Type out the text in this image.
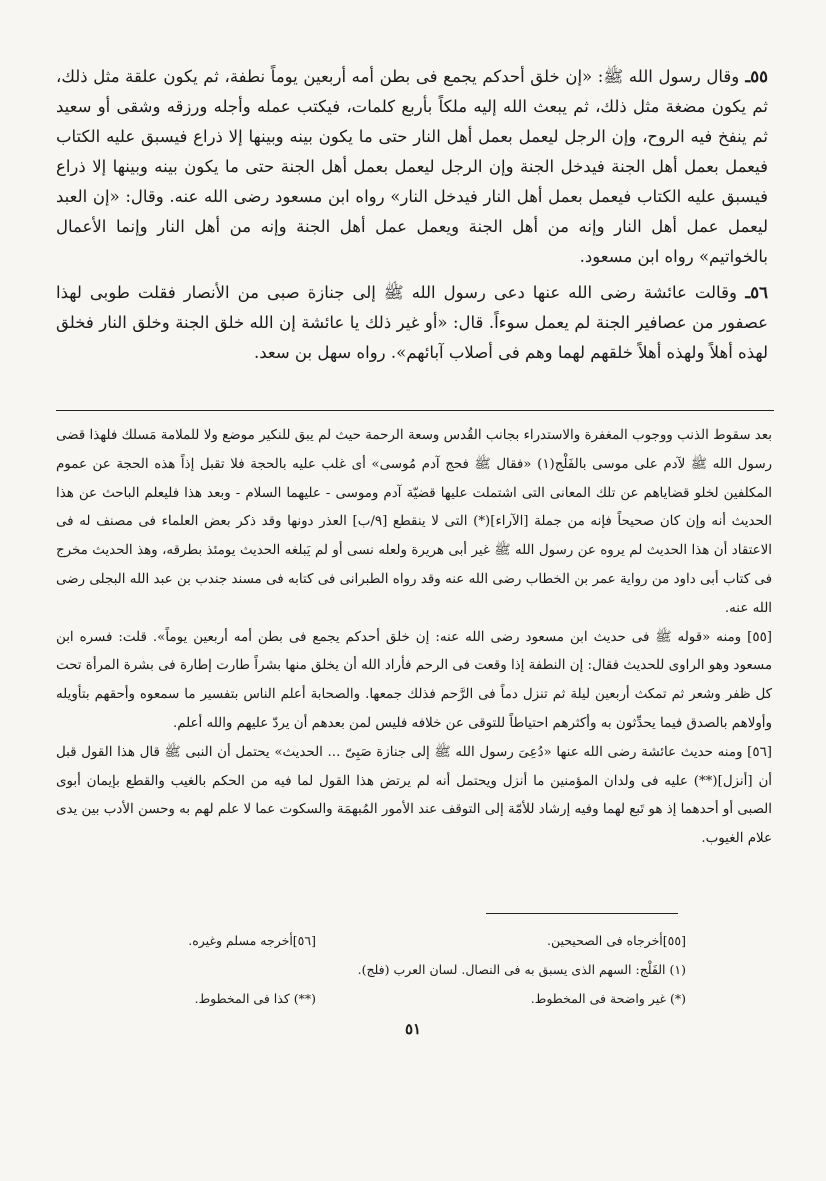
٥٥ـ وقال رسول الله ﷺ: «إن خلق أحدكم يجمع فى بطن أمه أربعين يوماً نطفة، ثم يكون علقة مثل ذلك، ثم يكون مضغة مثل ذلك، ثم يبعث الله إليه ملكاً بأربع كلمات، فيكتب عمله وأجله ورزقه وشقى أو سعيد ثم ينفخ فيه الروح، وإن الرجل ليعمل بعمل أهل النار حتى ما يكون بينه وبينها إلا ذراع فيسبق عليه الكتاب فيعمل بعمل أهل الجنة فيدخل الجنة وإن الرجل ليعمل بعمل أهل الجنة حتى ما يكون بينه وبينها إلا ذراع فيسبق عليه الكتاب فيعمل بعمل أهل النار فيدخل النار» رواه ابن مسعود رضى الله عنه. وقال: «إن العبد ليعمل عمل أهل النار وإنه من أهل الجنة ويعمل عمل أهل الجنة وإنه من أهل النار وإنما الأعمال بالخواتيم» رواه ابن مسعود.

٥٦ـ وقالت عائشة رضى الله عنها دعى رسول الله ﷺ إلى جنازة صبى من الأنصار فقلت طوبى لهذا عصفور من عصافير الجنة لم يعمل سوءاً. قال: «أو غير ذلك يا عائشة إن الله خلق الجنة وخلق النار فخلق لهذه أهلاً ولهذه أهلاً خلقهم لهما وهم فى أصلاب آبائهم». رواه سهل بن سعد.

بعد سقوط الذنب ووجوب المغفرة والاستدراء بجانب القُدس وسعة الرحمة حيث لم يبق للنكير موضع ولا للملامة مَسلك فلهذا قضى رسول الله ﷺ لآدم على موسى بالفَلْج(١) «فقال ﷺ فحج آدم مُوسى» أى غلب عليه بالحجة فلا تقبل إذاً هذه الحجة عن عموم المكلفين لخلو قضاياهم عن تلك المعانى التى اشتملت عليها قضيّة آدم وموسى - عليهما السلام - وبعد هذا فليعلم الباحث عن هذا الحديث أنه وإن كان صحيحاً فإنه من جملة [الآراء](*) التى لا ينقطع [٩/ب] العذر دونها وقد ذكر بعض العلماء فى مصنف له فى الاعتقاد أن هذا الحديث لم يروه عن رسول الله ﷺ غير أبى هريرة ولعله نسى أو لم يَبلغه الحديث يومئذ بطرقه، وهذ الحديث مخرج فى كتاب أبى داود من رواية عمر بن الخطاب رضى الله عنه وقد رواه الطبرانى فى كتابه فى مسند جندب بن عبد الله البجلى رضى الله عنه.

[٥٥] ومنه «قوله ﷺ فى حديث ابن مسعود رضى الله عنه: إن خلق أحدكم يجمع فى بطن أمه أربعين يوماً». قلت: فسره ابن مسعود وهو الراوى للحديث فقال: إن النطفة إذا وقعت فى الرحم فأراد الله أن يخلق منها بشراً طارت إطارة فى بشرة المرأة تحت كل ظفر وشعر ثم تمكث أربعين ليلة ثم تنزل دماً فى الرَّحم فذلك جمعها. والصحابة أعلم الناس بتفسير ما سمعوه وأحقهم بتأويله وأولاهم بالصدق فيما يحدِّثون به وأكثرهم احتياطاً للتوقى عن خلافه فليس لمن بعدهم أن يردّ عليهم والله أعلم.

[٥٦] ومنه حديث عائشة رضى الله عنها «دُعِىَ رسول الله ﷺ إلى جنازة صَبِىّ ... الحديث» يحتمل أن النبى ﷺ قال هذا القول قبل أن [أنزل](**) عليه فى ولدان المؤمنين ما أنزل ويحتمل أنه لم يرتض هذا القول لما فيه من الحكم بالغيب والقطع بإيمان أبوى الصبى أو أحدهما إذ هو تَبع لهما وفيه إرشاد للأمّة إلى التوقف عند الأمور المُبهمَة والسكوت عما لا علم لهم به وحسن الأدب بين يدى علام الغيوب.

[٥٥]أخرجاه فى الصحيحين.
[٥٦]أخرجه مسلم وغيره.
(١) الفَلْج: السهم الذى يسبق به فى النصال. لسان العرب (فلج).
(*) غير واضحة فى المخطوط.
(**) كذا فى المخطوط.
٥١
